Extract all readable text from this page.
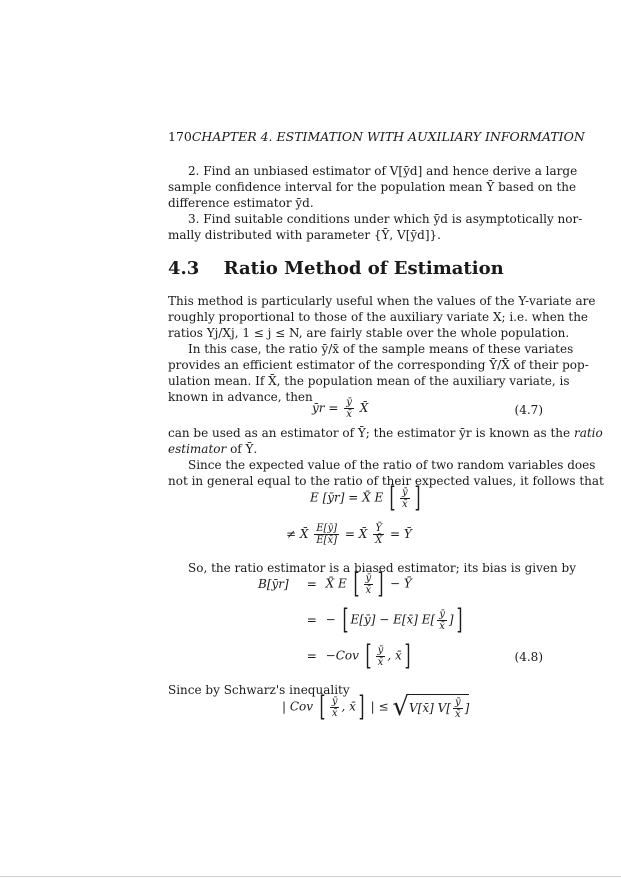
170CHAPTER 4. ESTIMATION WITH AUXILIARY INFORMATION
2. Find an unbiased estimator of V[ȳd] and hence derive a large
sample confidence interval for the population mean Ȳ based on the
difference estimator ȳd.
3. Find suitable conditions under which ȳd is asymptotically nor-
mally distributed with parameter {Ȳ, V[ȳd]}.
4.3 Ratio Method of Estimation
This method is particularly useful when the values of the Y-variate are
roughly proportional to those of the auxiliary variate X; i.e. when the
ratios Yj/Xj, 1 ≤ j ≤ N, are fairly stable over the whole population.
In this case, the ratio ȳ/x̄ of the sample means of these variates
provides an efficient estimator of the corresponding Ȳ/X̄ of their pop-
ulation mean. If X̄, the population mean of the auxiliary variate, is
known in advance, then
ȳr = $\frac{ȳ}{x̄}$ X̄	(4.7)
can be used as an estimator of Ȳ; the estimator ȳr is known as the ratio
estimator of Ȳ.
Since the expected value of the ratio of two random variables does
not in general equal to the ratio of their expected values, it follows that
E [ȳr] = X̄ E [ $\frac{ȳ}{x̄}$ ]
≠ X̄ $\frac{E[ȳ]}{E[x̄]}$ = X̄ $\frac{Ȳ}{X̄}$ = Ȳ
So, the ratio estimator is a biased estimator; its bias is given by
B[ȳr] = X̄ E [ $\frac{ȳ}{x̄}$ ] − Ȳ
= − [ E[ȳ] − E[x̄] $E[ \frac{ȳ}{x̄}$ ]]
= −Cov [ $\frac{ȳ}{x̄}$ , x̄]	(4.8)
Since by Schwarz's inequality
| Cov [ $\frac{ȳ}{x̄}$ , x̄] | ≤ √V[x̄] $V[ \frac{ȳ}{x̄}$ ]
